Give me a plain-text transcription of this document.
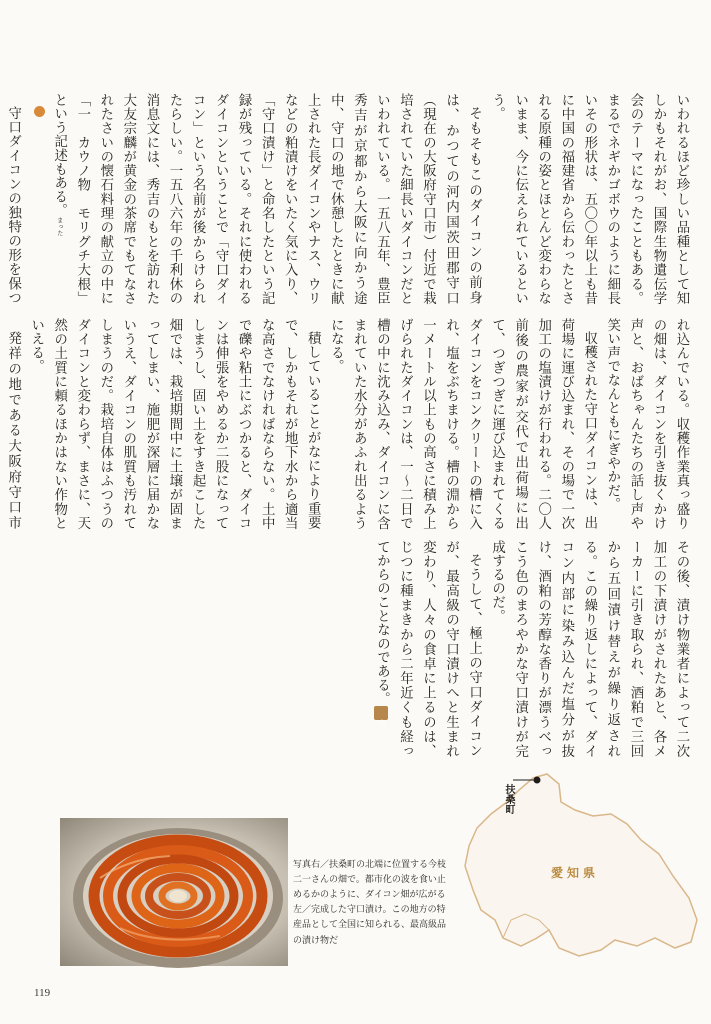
いわれるほど珍しい品種として知しかもそれがお、国際生物遺伝学会のテーマになったこともある。まるでネギかゴボウのように細長いその形状は、五〇〇年以上も昔に中国の福建省から伝わったとされる原種の姿とほとんど変わらないまま、今に伝えられているという。

そもそもこのダイコンの前身は、かつての河内国茨田郡守口（現在の大阪府守口市）付近で栽培されていた細長いダイコンだといわれている。一五八五年、豊臣秀吉が京都から大阪に向かう途中、守口の地で休憩したときに献上された長ダイコンやナス、ウリなどの粕漬けをいたく気に入り、「守口漬け」と命名したという記録が残っている。それに使われるダイコンということで「守口ダイコン」という名前が後からけられたらしい。一五八六年の千利休の消息文には、秀吉のもとを訪れた大友宗麟が黄金の茶席でもてなされたさいの懐石料理の献立の中に「一　カウノ物　モリグチ大根」という記述もある。まった

守口ダイコンの独特の形を保つ

れ込んでいる。収穫作業真っ盛りの畑は、ダイコンを引き抜くかけ声と、おばちゃんたちの話し声や笑い声でなんともにぎやかだ。

収穫された守口ダイコンは、出荷場に運び込まれ、その場で一次加工の塩漬けが行われる。二〇人前後の農家が交代で出荷場に出て、つぎつぎに運び込まれてくるダイコンをコンクリートの槽に入れ、塩をぶちまける。槽の淵から一メートル以上もの高さに積み上げられたダイコンは、一～二日で槽の中に沈み込み、ダイコンに含まれていた水分があふれ出るようになる。

積していることがなにより重要で、しかもそれが地下水から適当な高さでなければならない。土中で礫や粘土にぶつかると、ダイコンは伸張をやめるか二股になってしまうし、固い土をすき起こした畑では、栽培期間中に土壌が固まってしまい、施肥が深層に届かないうえ、ダイコンの肌質も汚れてしまうのだ。栽培自体はふつうのダイコンと変わらず、まさに、天然の土質に頼るほかはない作物といえる。

発祥の地である大阪府守口市

その後、漬け物業者によって二次加工の下漬けがされたあと、各メーカーに引き取られ、酒粕で三回から五回漬け替えが繰り返される。この繰り返しによって、ダイコン内部に染み込んだ塩分が抜け、酒粕の芳醇な香りが漂うべっこう色のまろやかな守口漬けが完成するのだ。

そうして、極上の守口ダイコンが、最高級の守口漬けへと生まれ変わり、人々の食卓に上るのは、じつに種まきから二年近くも経ってからのことなのである。完

写真右／扶桑町の北端に位置する今枝二一さんの畑で。都市化の波を食い止めるかのように、ダイコン畑が広がる左／完成した守口漬け。この地方の特産品として全国に知られる、最高級品の漬け物だ
扶桑町
愛知県
119
